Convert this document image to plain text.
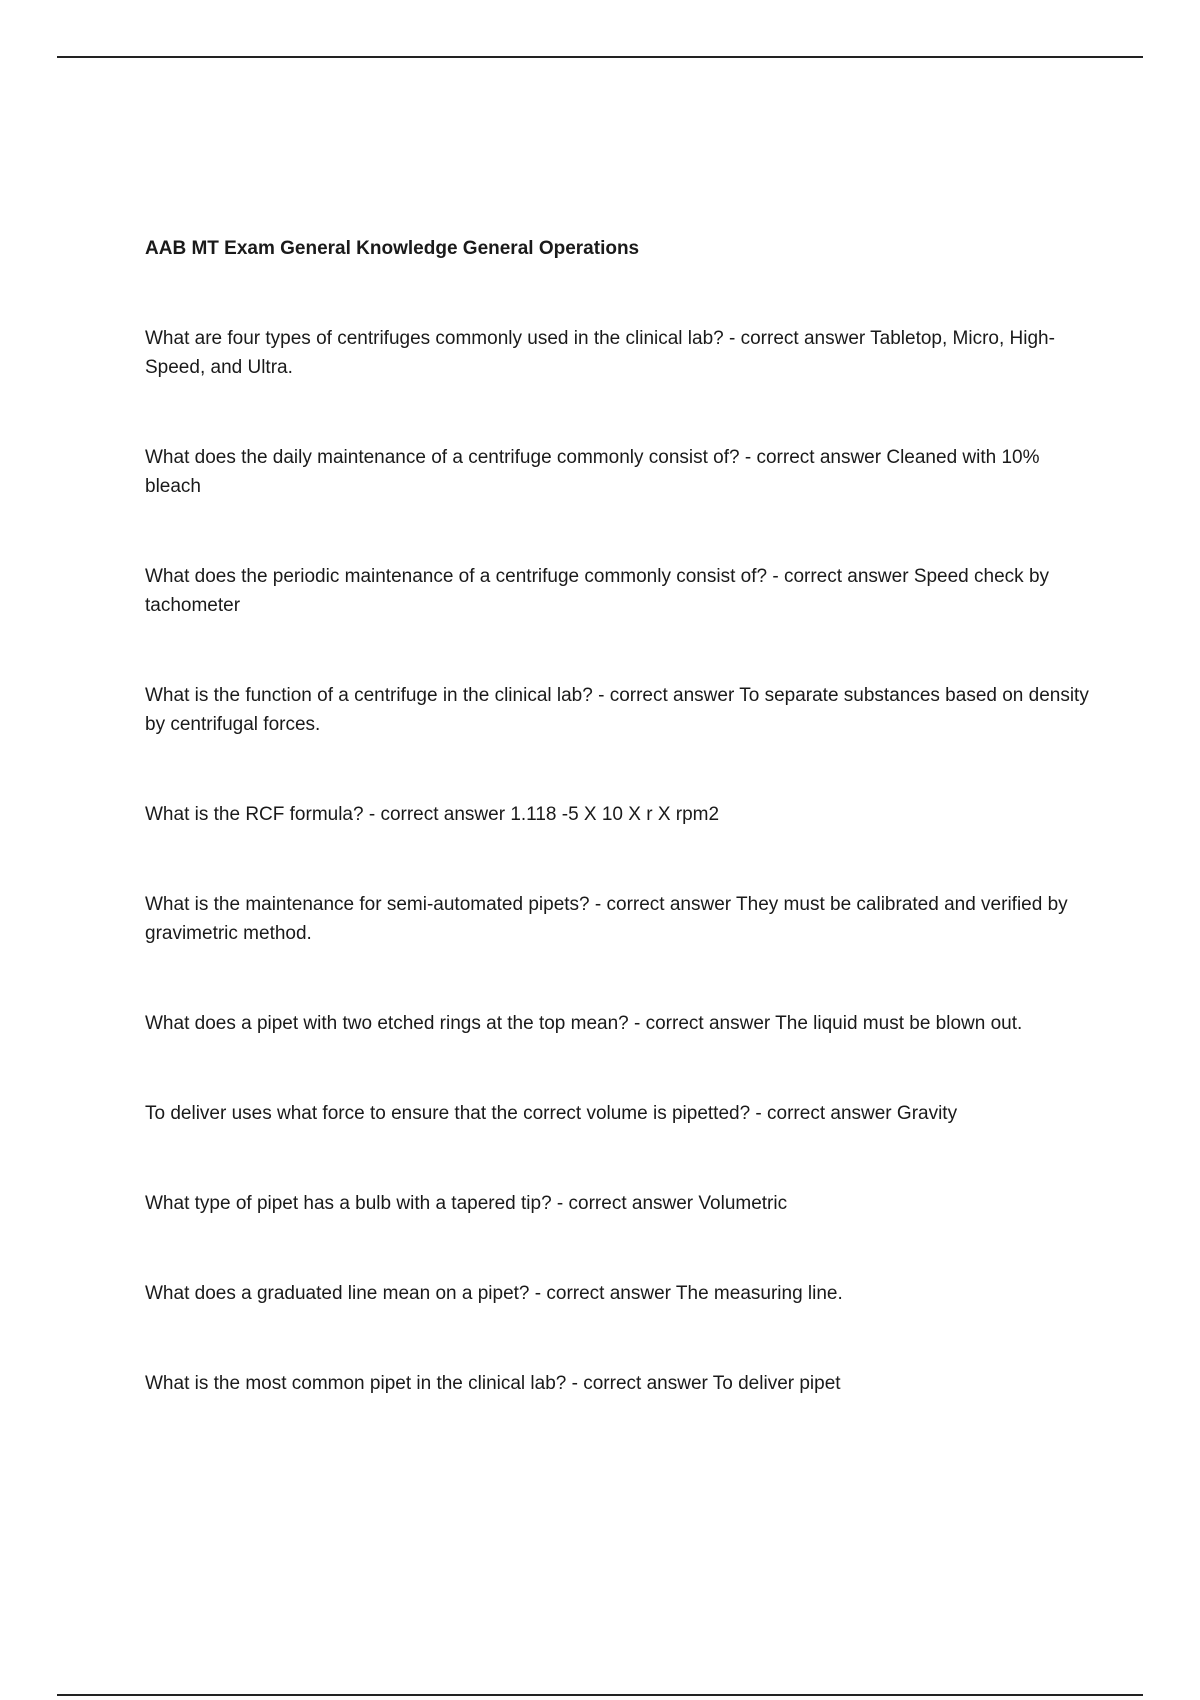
AAB MT Exam General Knowledge General Operations

What are four types of centrifuges commonly used in the clinical lab? - correct answer Tabletop, Micro, High-Speed, and Ultra.

What does the daily maintenance of a centrifuge commonly consist of? - correct answer Cleaned with 10% bleach

What does the periodic maintenance of a centrifuge commonly consist of? - correct answer Speed check by tachometer

What is the function of a centrifuge in the clinical lab? - correct answer To separate substances based on density by centrifugal forces.

What is the RCF formula? - correct answer 1.118 -5 X 10 X r X rpm2

What is the maintenance for semi-automated pipets? - correct answer They must be calibrated and verified by gravimetric method.

What does a pipet with two etched rings at the top mean? - correct answer The liquid must be blown out.

To deliver uses what force to ensure that the correct volume is pipetted? - correct answer Gravity

What type of pipet has a bulb with a tapered tip? - correct answer Volumetric

What does a graduated line mean on a pipet? - correct answer The measuring line.

What is the most common pipet in the clinical lab? - correct answer To deliver pipet
